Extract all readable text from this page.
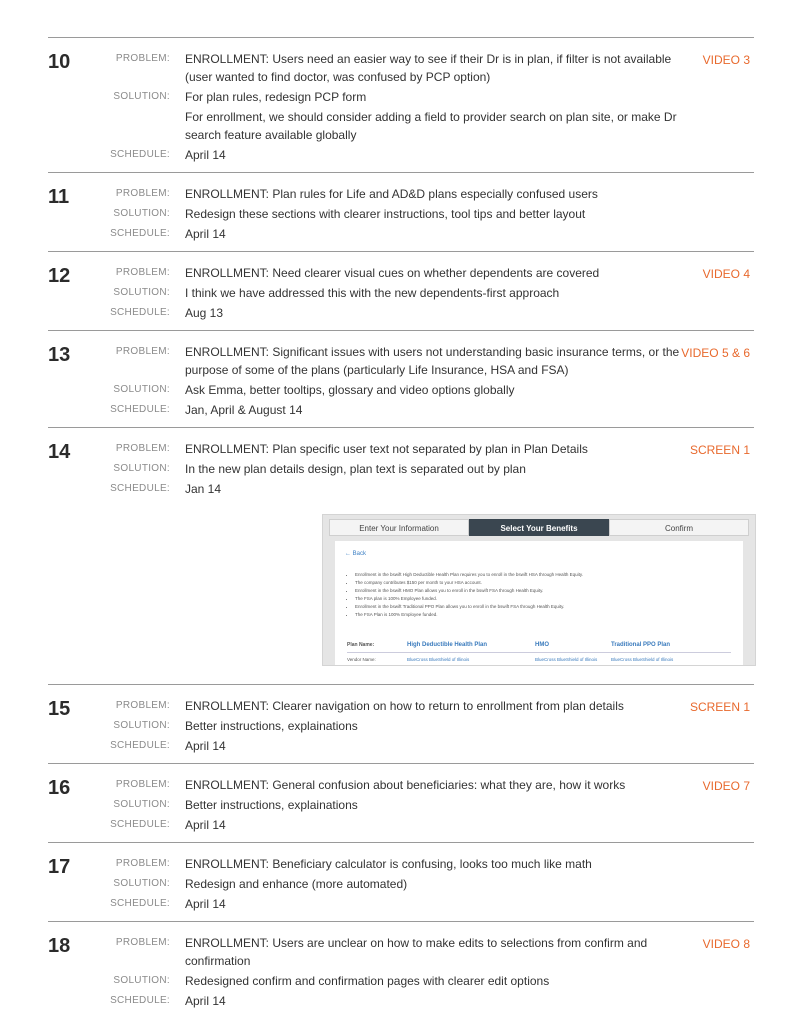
10	VIDEO 3
PROBLEM: ENROLLMENT: Users need an easier way to see if their Dr is in plan, if filter is not available (user wanted to find doctor, was confused by PCP option)
SOLUTION: For plan rules, redesign PCP form
For enrollment, we should consider adding a field to provider search on plan site, or make Dr search feature available globally
SCHEDULE: April 14
11	PROBLEM: ENROLLMENT: Plan rules for Life and AD&D plans especially confused users
SOLUTION: Redesign these sections with clearer instructions, tool tips and better layout
SCHEDULE: April 14
12	VIDEO 4
PROBLEM: ENROLLMENT: Need clearer visual cues on whether dependents are covered
SOLUTION: I think we have addressed this with the new dependents-first approach
SCHEDULE: Aug 13
13	VIDEO 5 & 6
PROBLEM: ENROLLMENT: Significant issues with users not understanding basic insurance terms, or the purpose of some of the plans (particularly Life Insurance, HSA and FSA)
SOLUTION: Ask Emma, better tooltips, glossary and video options globally
SCHEDULE: Jan, April & August 14
14	SCREEN 1
PROBLEM: ENROLLMENT: Plan specific user text not separated by plan in Plan Details
SOLUTION: In the new plan details design, plan text is separated out by plan
SCHEDULE: Jan 14
Enter Your Information	Select Your Benefits	Confirm
← Back
• Enrollment in the bswift High Deductible Health Plan requires you to enroll in the bswift HSA through Health Equity.
• The company contributes $150 per month to your HSA account.
• Enrollment in the bswift HMO Plan allows you to enroll in the bswift FSA through Health Equity.
• The FSA plan is 100% Employee funded.
• Enrollment in the bswift Traditional PPO Plan allows you to enroll in the bswift FSA through Health Equity.
• The FSA Plan is 100% Employee funded.
Plan Name:	High Deductible Health Plan	HMO	Traditional PPO Plan
Vendor Name:	BlueCross BlueShield of Illinois	BlueCross BlueShield of Illinois	BlueCross BlueShield of Illinois
15	SCREEN 1
PROBLEM: ENROLLMENT: Clearer navigation on how to return to enrollment from plan details
SOLUTION: Better instructions, explainations
SCHEDULE: April 14
16	VIDEO 7
PROBLEM: ENROLLMENT: General confusion about beneficiaries: what they are, how it works
SOLUTION: Better instructions, explainations
SCHEDULE: April 14
17	PROBLEM: ENROLLMENT: Beneficiary calculator is confusing, looks too much like math
SOLUTION: Redesign and enhance (more automated)
SCHEDULE: April 14
18	VIDEO 8
PROBLEM: ENROLLMENT: Users are unclear on how to make edits to selections from confirm and confirmation
SOLUTION: Redesigned confirm and confirmation pages with clearer edit options
SCHEDULE: April 14
